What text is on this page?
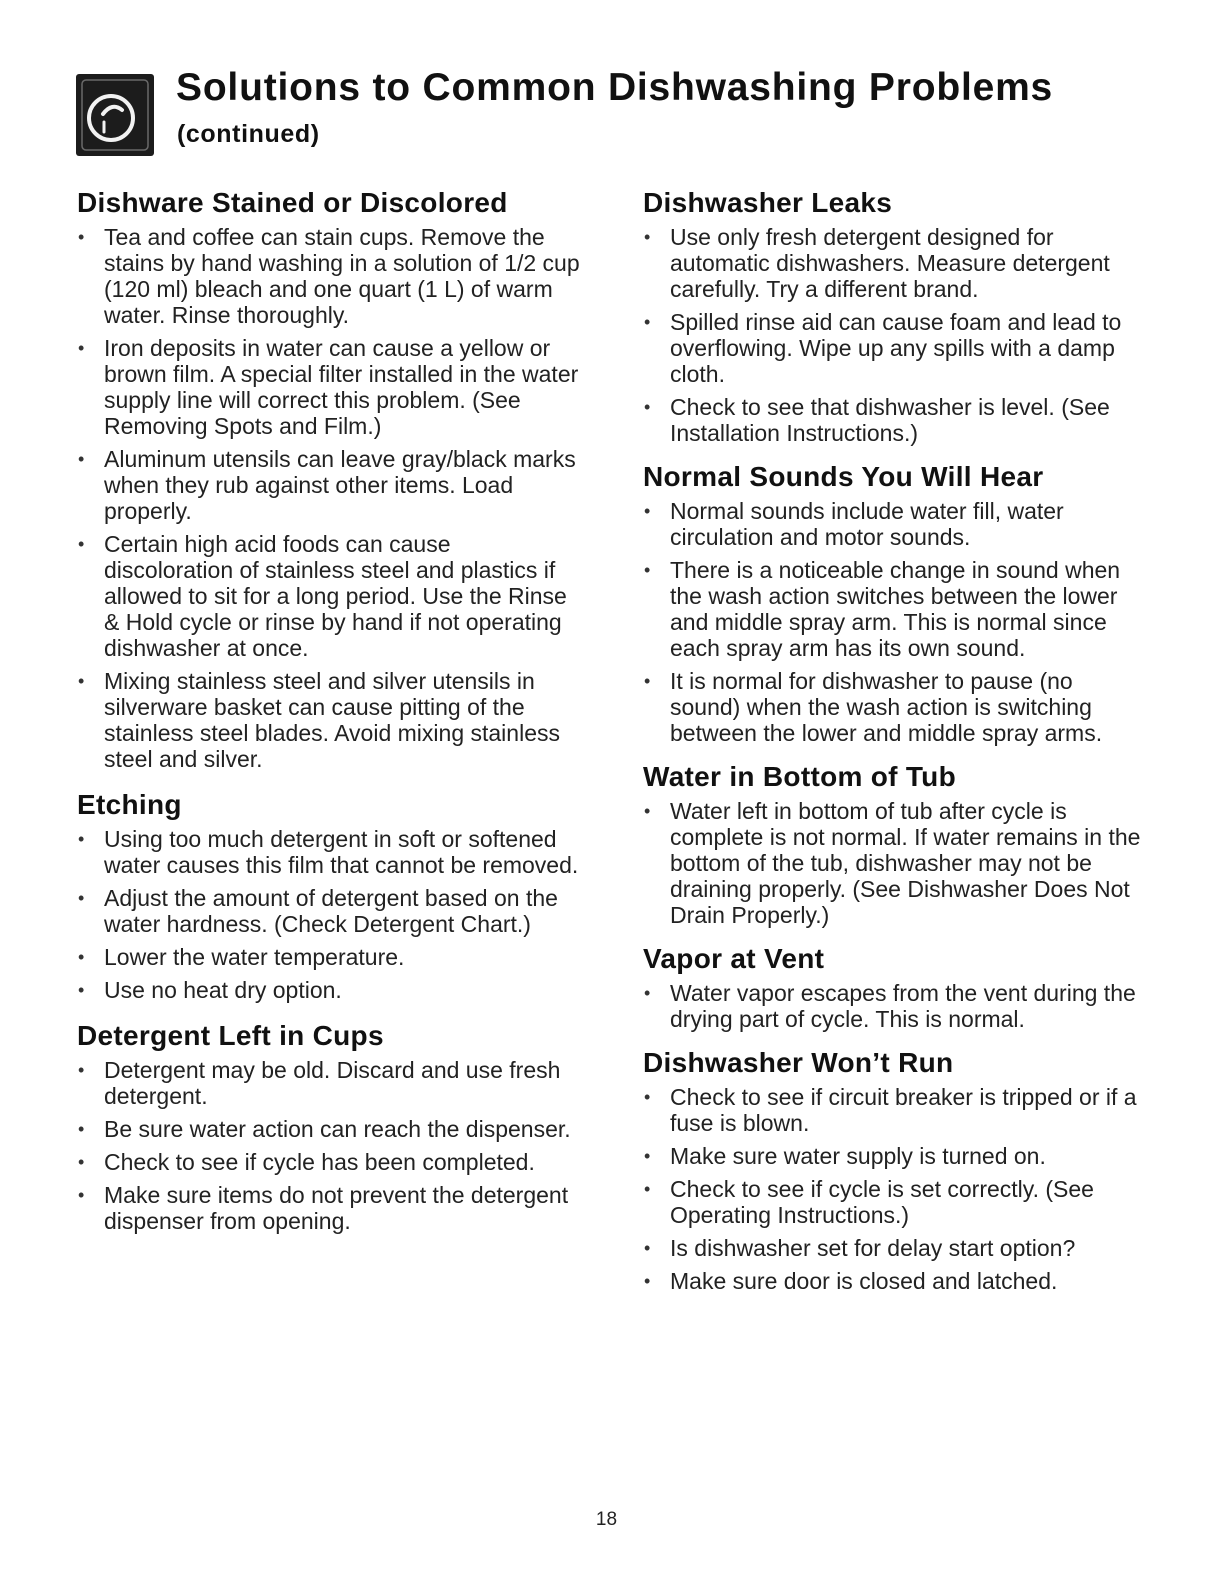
Solutions to Common Dishwashing Problems
(continued)
Dishware Stained or Discolored
• Tea and coffee can stain cups. Remove the stains by hand washing in a solution of 1/2 cup (120 ml) bleach and one quart (1 L) of warm water. Rinse thoroughly.
• Iron deposits in water can cause a yellow or brown film. A special filter installed in the water supply line will correct this problem. (See Removing Spots and Film.)
• Aluminum utensils can leave gray/black marks when they rub against other items. Load properly.
• Certain high acid foods can cause discoloration of stainless steel and plastics if allowed to sit for a long period. Use the Rinse & Hold cycle or rinse by hand if not operating dishwasher at once.
• Mixing stainless steel and silver utensils in silverware basket can cause pitting of the stainless steel blades. Avoid mixing stainless steel and silver.
Etching
• Using too much detergent in soft or softened water causes this film that cannot be removed.
• Adjust the amount of detergent based on the water hardness. (Check Detergent Chart.)
• Lower the water temperature.
• Use no heat dry option.
Detergent Left in Cups
• Detergent may be old. Discard and use fresh detergent.
• Be sure water action can reach the dispenser.
• Check to see if cycle has been completed.
• Make sure items do not prevent the detergent dispenser from opening.
Dishwasher Leaks
• Use only fresh detergent designed for automatic dishwashers. Measure detergent carefully. Try a different brand.
• Spilled rinse aid can cause foam and lead to overflowing. Wipe up any spills with a damp cloth.
• Check to see that dishwasher is level. (See Installation Instructions.)
Normal Sounds You Will Hear
• Normal sounds include water fill, water circulation and motor sounds.
• There is a noticeable change in sound when the wash action switches between the lower and middle spray arm. This is normal since each spray arm has its own sound.
• It is normal for dishwasher to pause (no sound) when the wash action is switching between the lower and middle spray arms.
Water in Bottom of Tub
• Water left in bottom of tub after cycle is complete is not normal. If water remains in the bottom of the tub, dishwasher may not be draining properly. (See Dishwasher Does Not Drain Properly.)
Vapor at Vent
• Water vapor escapes from the vent during the drying part of cycle. This is normal.
Dishwasher Won’t Run
• Check to see if circuit breaker is tripped or if a fuse is blown.
• Make sure water supply is turned on.
• Check to see if cycle is set correctly. (See Operating Instructions.)
• Is dishwasher set for delay start option?
• Make sure door is closed and latched.
18
